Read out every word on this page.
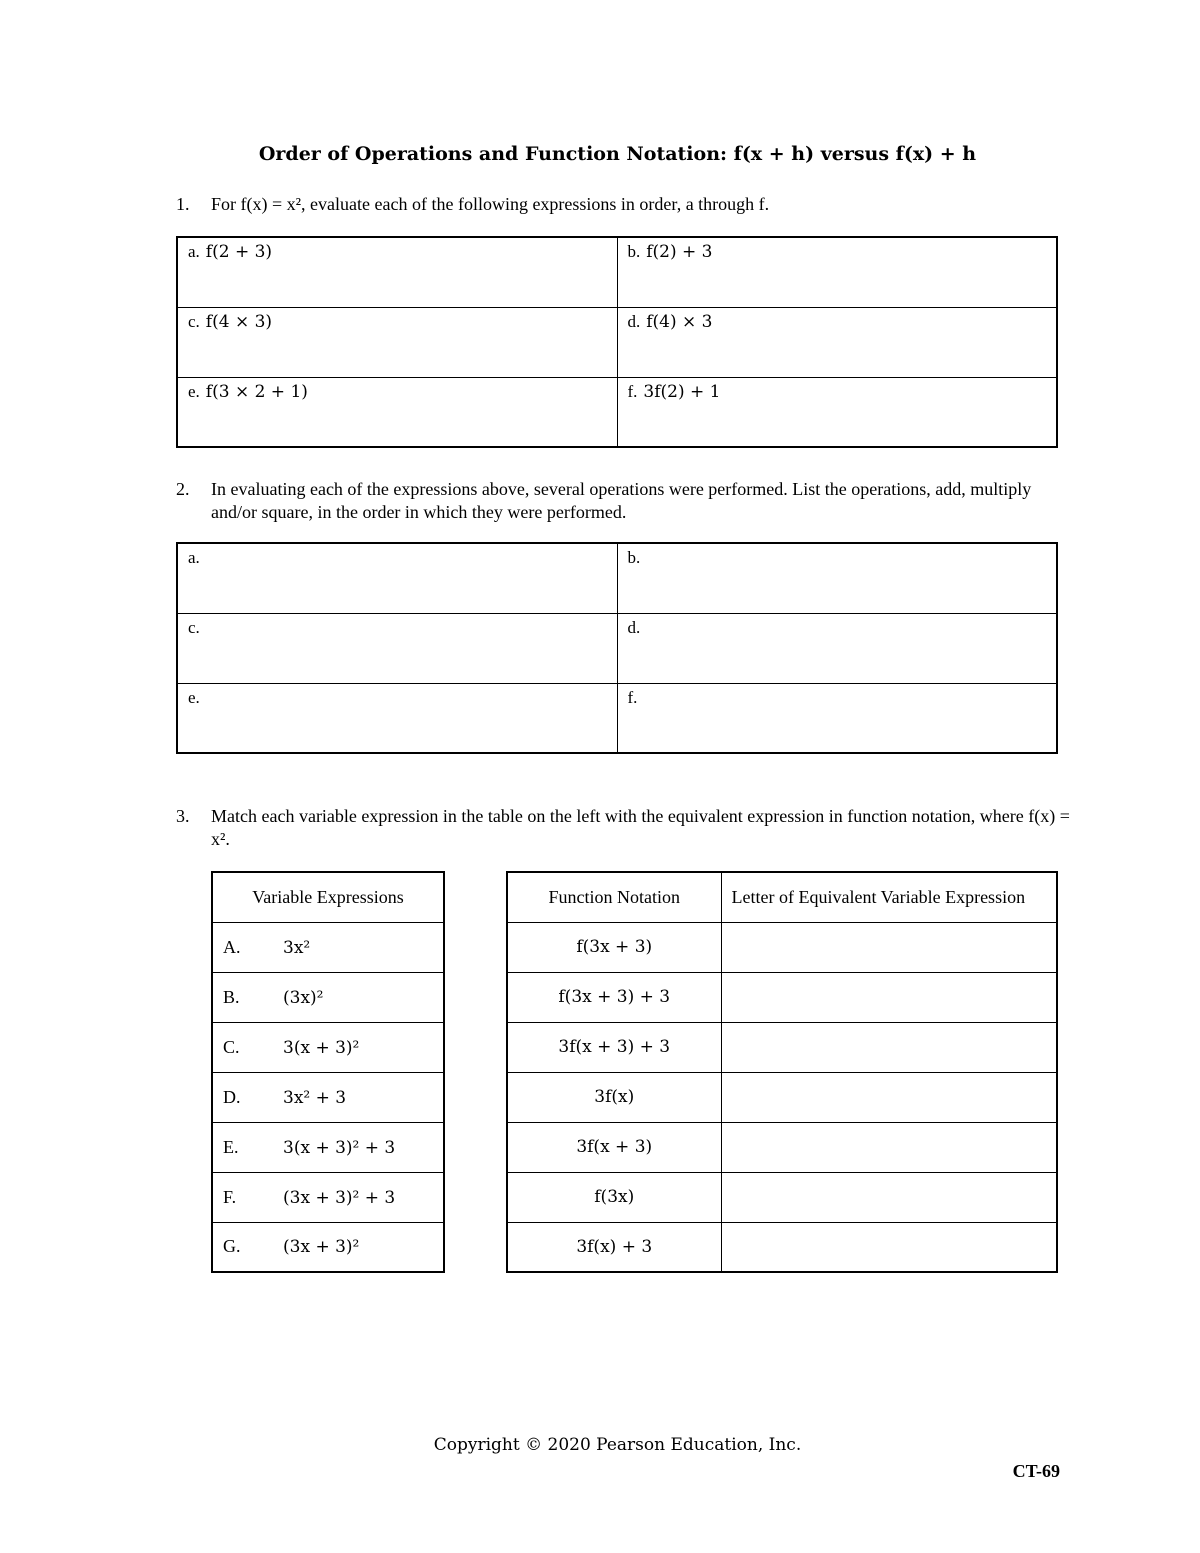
Order of Operations and Function Notation: f(x + h) versus f(x) + h
1. For f(x) = x², evaluate each of the following expressions in order, a through f.
a. f(2 + 3)	b. f(2) + 3
c. f(4 × 3)	d. f(4) × 3
e. f(3 × 2 + 1)	f. 3f(2) + 1
2. In evaluating each of the expressions above, several operations were performed. List the operations, add, multiply and/or square, in the order in which they were performed.
a.	b.
c.	d.
e.	f.
3. Match each variable expression in the table on the left with the equivalent expression in function notation, where f(x) = x².
Variable Expressions
A.	3x²
B.	(3x)²
C.	3(x + 3)²
D.	3x² + 3
E.	3(x + 3)² + 3
F.	(3x + 3)² + 3
G.	(3x + 3)²
Function Notation	Letter of Equivalent Variable Expression
f(3x + 3)	
f(3x + 3) + 3	
3f(x + 3) + 3	
3f(x)	
3f(x + 3)	
f(3x)	
3f(x) + 3	
Copyright © 2020 Pearson Education, Inc.
CT-69
